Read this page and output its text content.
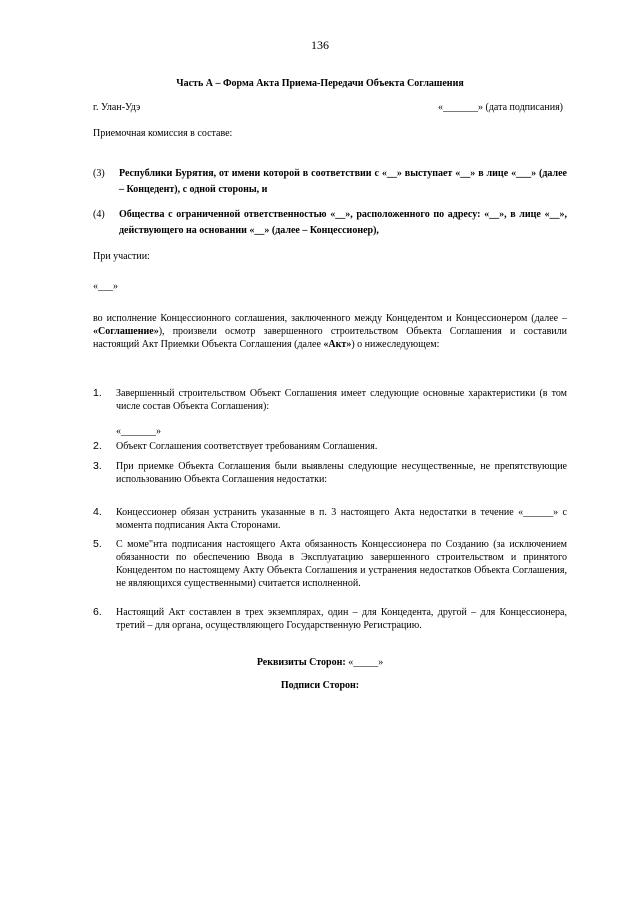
136
Часть А – Форма Акта Приема-Передачи Объекта Соглашения
г. Улан-Удэ	«_______» (дата подписания)
Приемочная комиссия в составе:
(3) Республики Бурятия, от имени которой в соответствии с «__» выступает «__» в лице «___» (далее – Концедент), с одной стороны, и
(4) Общества с ограниченной ответственностью «__», расположенного по адресу: «__», в лице «__», действующего на основании «__» (далее – Концессионер),
При участии:
«___»
во исполнение Концессионного соглашения, заключенного между Концедентом и Концессионером (далее – «Соглашение»), произвели осмотр завершенного строительством Объекта Соглашения и составили настоящий Акт Приемки Объекта Соглашения (далее «Акт») о нижеследующем:
1. Завершенный строительством Объект Соглашения имеет следующие основные характеристики (в том числе состав Объекта Соглашения):
«_______»
2. Объект Соглашения соответствует требованиям Соглашения.
3. При приемке Объекта Соглашения были выявлены следующие несущественные, не препятствующие использованию Объекта Соглашения недостатки:
4. Концессионер обязан устранить указанные в п. 3 настоящего Акта недостатки в течение «______» с момента подписания Акта Сторонами.
5. С моме"нта подписания настоящего Акта обязанность Концессионера по Созданию (за исключением обязанности по обеспечению Ввода в Эксплуатацию завершенного строительством и принятого Концедентом по настоящему Акту Объекта Соглашения и устранения недостатков Объекта Соглашения, не являющихся существенными) считается исполненной.
6. Настоящий Акт составлен в трех экземплярах, один – для Концедента, другой – для Концессионера, третий – для органа, осуществляющего Государственную Регистрацию.
Реквизиты Сторон: «_____»
Подписи Сторон:
